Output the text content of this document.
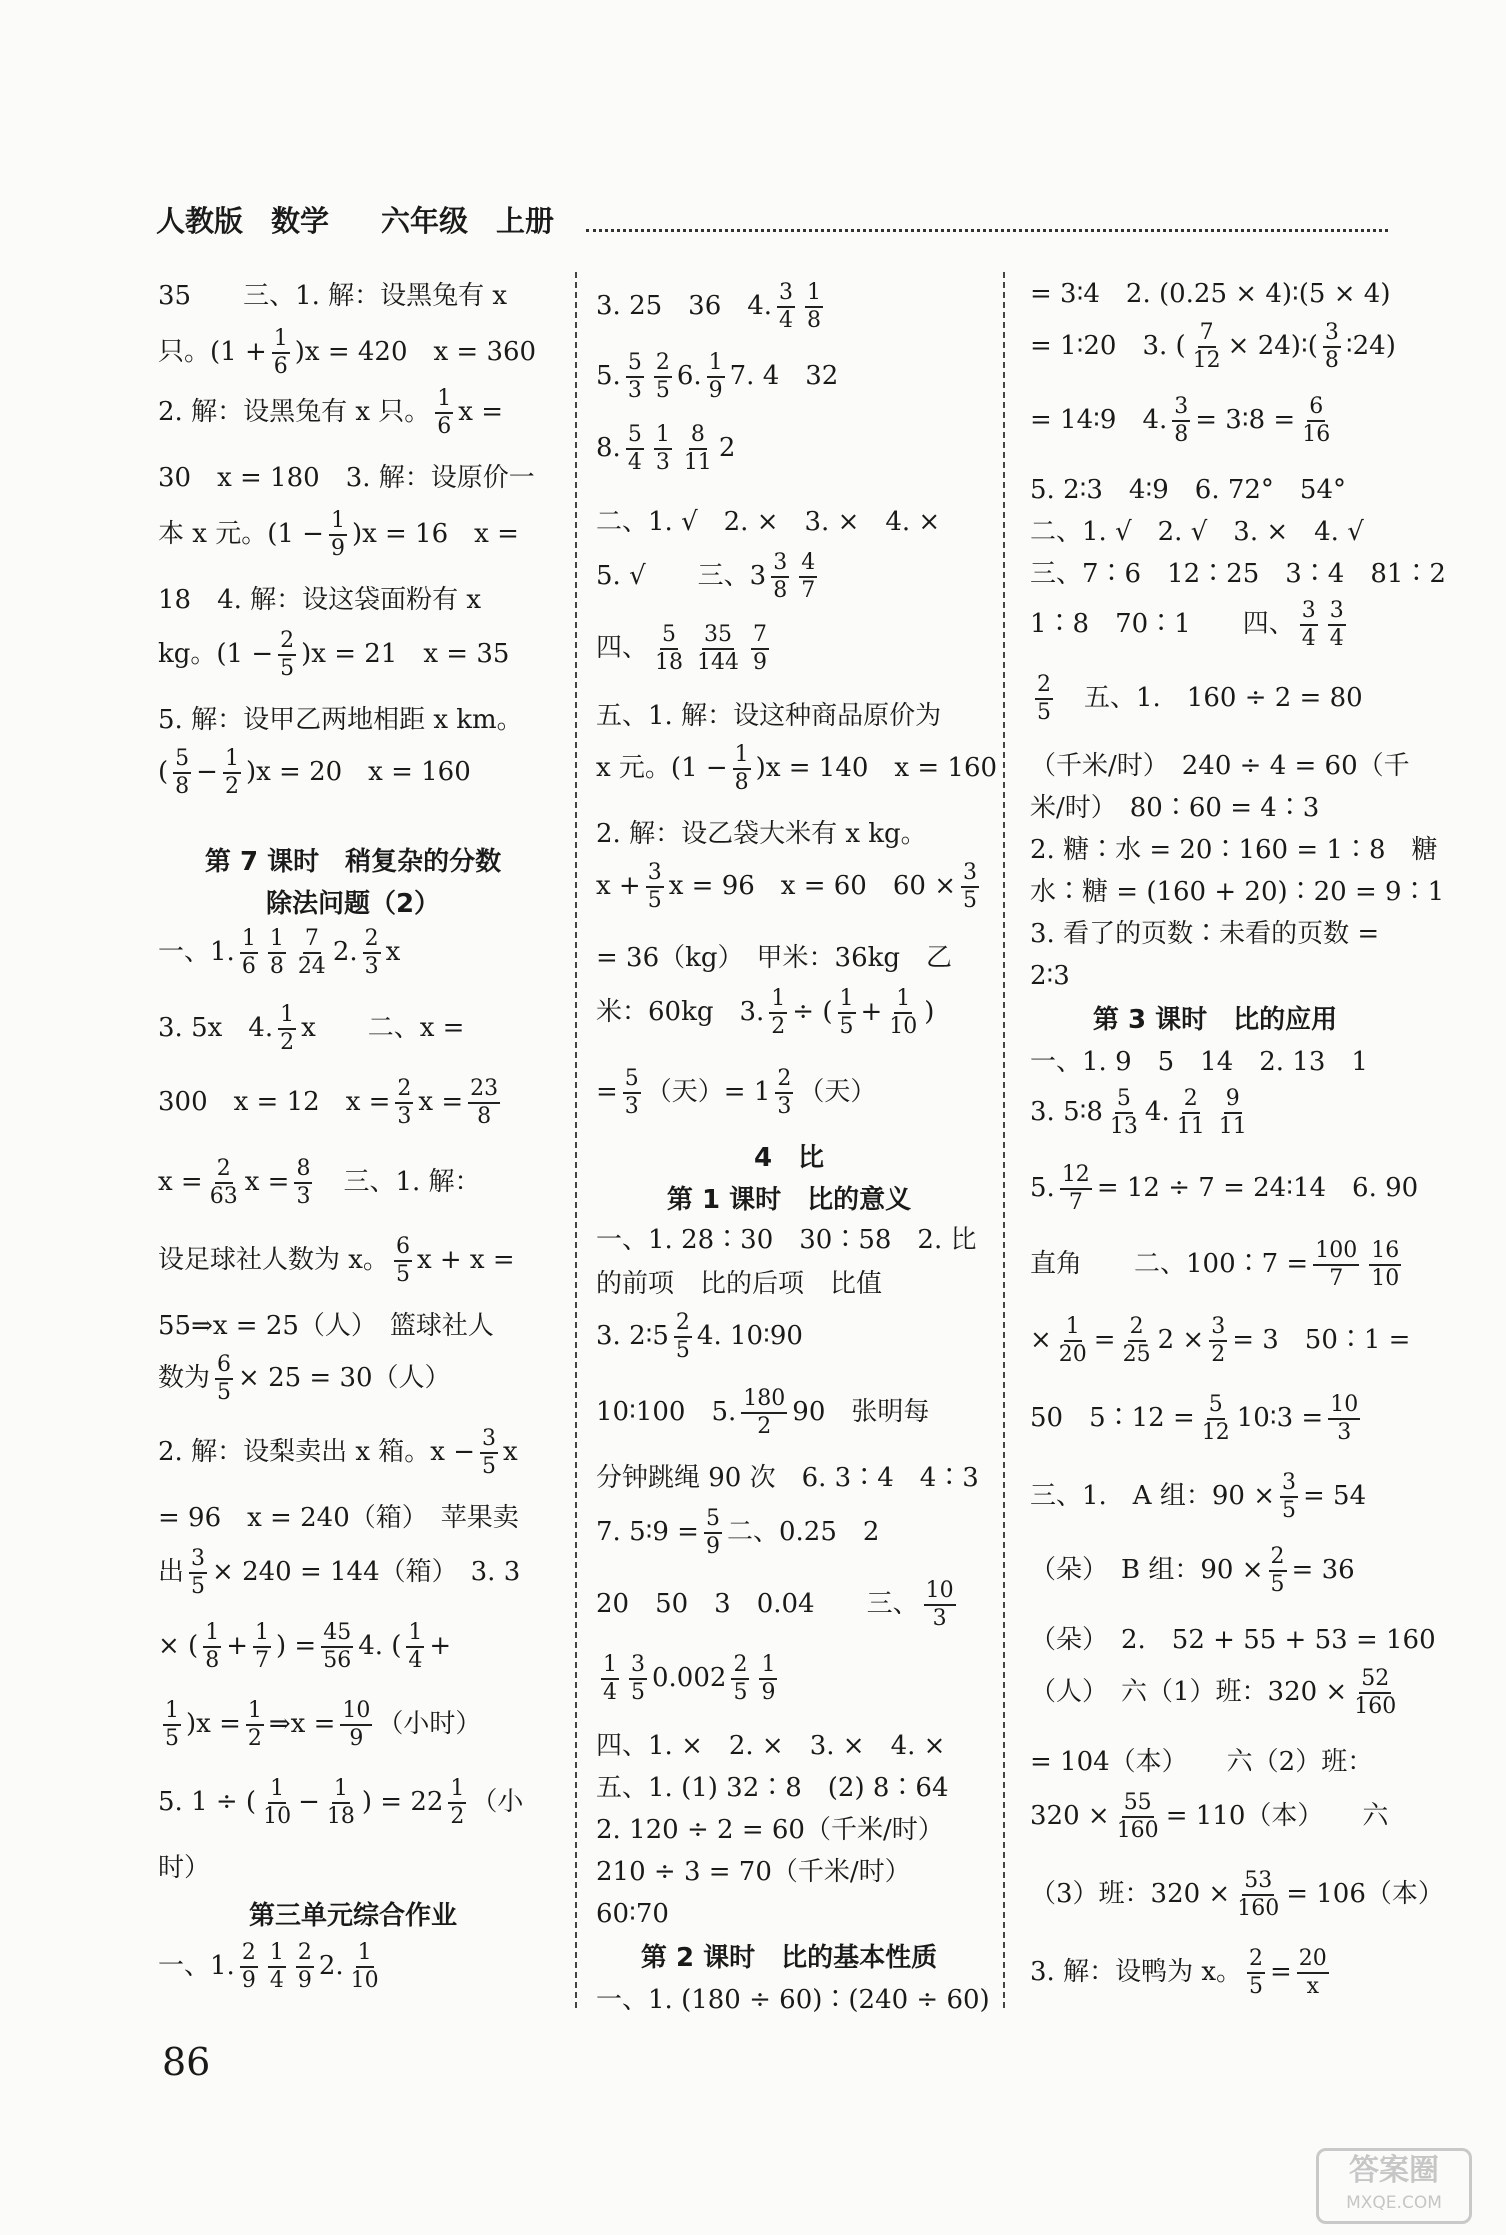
人教版 数学 六年级 上册
35　　三、1. 解：设黑兔有 x
只。$(1 + \frac{1}{6} )x = 420$　x = 360
2. 解：设黑兔有 x 只。 $\frac{1}{6}$ x =
30　x = 180　3. 解：设原价一
本 x 元。$(1 - \frac{1}{9} )x = 16$　x =
18　4. 解：设这袋面粉有 x
kg。$(1 - \frac{2}{5} )x = 21$　x = 35
5. 解：设甲乙两地相距 x km。
( $\frac{5}{8} - \frac{1}{2} )x = 20$　x = 160
第 7 课时　稍复杂的分数
除法问题（2）
一、1. $\frac{1}{6} \frac{1}{8} \frac{7}{24} 2$. $\frac{2}{3}$ x
3. 5x　4. $\frac{1}{2}$ x　　二、x =
300　x = 12　$x = \frac{2}{3}$ $x = \frac{23}{8}$
$x = \frac{2}{63}$ $x = \frac{8}{3}$ 　三、1. 解：
设足球社人数为 x。 $\frac{6}{5}$ x + x =
55⇒x = 25（人）　篮球社人
数为 $\frac{6}{5} \times 25 = 30$（人）
2. 解：设梨卖出 x 箱。$x - \frac{3}{5}$ x
= 96　x = 240（箱）　苹果卖
出 $\frac{3}{5} \times 240 = 144$（箱）　3. 3
× ( $\frac{1}{8} + \frac{1}{7}$ ) = $\frac{45}{56} 4$. ( $\frac{1}{4}$ +
$\frac{1}{5} )x = \frac{1}{2}$ ⇒x = $\frac{10}{9}$ （小时）
5. 1 ÷ ( $\frac{1}{10} - \frac{1}{18}$ ) = $22 \frac{1}{2}$ （小
时）
第三单元综合作业
一、1. $\frac{2}{9} \frac{1}{4} \frac{2}{9} 2$. $\frac{1}{10}$
3. 25　36　4. $\frac{3}{4} \frac{1}{8}$
5. $\frac{5}{3} \frac{2}{5} 6$. $\frac{1}{9} 7$. 4　32
8. $\frac{5}{4} \frac{1}{3} \frac{8}{11} 2$
二、1. √　2. ×　3. ×　4. ×
5. √　　三、$3 \frac{3}{8} \frac{4}{7}$
四、 $\frac{5}{18} \frac{35}{144} \frac{7}{9}$
五、1. 解：设这种商品原价为
x 元。$(1 - \frac{1}{8} )x = 140$　x = 160
2. 解：设乙袋大米有 x kg。
$x + \frac{3}{5}$ x = 96　x = 60　$60 \times \frac{3}{5}$
= 36（kg）　甲米：36kg　乙
米：60kg　3. $\frac{1}{2}$ ÷ ( $\frac{1}{5} + \frac{1}{10}$ )
= $\frac{5}{3}$ （天）= $1 \frac{2}{3}$ （天）
4　比
第 1 课时　比的意义
一、1. 28∶30　30∶58　2. 比
的前项　比的后项　比值
3. 2∶5 $\frac{2}{5} 4$. 10∶90
10∶100　5. $\frac{180}{2} 90$　张明每
分钟跳绳 90 次　6. 3∶4　4∶3
7. 5∶9 = $\frac{5}{9}$ 二、0.25　2
20　50　3　0.04　　三、 $\frac{10}{3}$
$\frac{1}{4} \frac{3}{5} 0.002 \frac{2}{5} \frac{1}{9}$
四、1. ×　2. ×　3. ×　4. ×
五、1. (1) 32∶8　(2) 8∶64
2. 120 ÷ 2 = 60（千米/时）
210 ÷ 3 = 70（千米/时）
60∶70
第 2 课时　比的基本性质
一、1. (180 ÷ 60)∶(240 ÷ 60)
= 3∶4　2. (0.25 × 4)∶(5 × 4)
= 1∶20　3. ( $\frac{7}{12}$ × 24)∶( $\frac{3}{8}$ ∶24)
= 14∶9　4. $\frac{3}{8}$ = 3∶8 = $\frac{6}{16}$
5. 2∶3　4∶9　6. 72°　54°
二、1. √　2. √　3. ×　4. √
三、7∶6　12∶25　3∶4　81∶2
1∶8　70∶1　　四、 $\frac{3}{4} \frac{3}{4}$
$\frac{2}{5}$ 　五、1.　160 ÷ 2 = 80
（千米/时）　240 ÷ 4 = 60（千
米/时）　80∶60 = 4∶3
2. 糖∶水 = 20∶160 = 1∶8　糖
水∶糖 = (160 + 20)∶20 = 9∶1
3. 看了的页数∶未看的页数 =
2∶3
第 3 课时　比的应用
一、1. 9　5　14　2. 13　1
3. 5∶8 $\frac{5}{13} 4$. $\frac{2}{11} \frac{9}{11}$
5. $\frac{12}{7} = 12 \div 7$ = 24∶14　6. 90
直角　　二、100∶7 = $\frac{100}{7} \frac{16}{10}$
× $\frac{1}{20} = \frac{2}{25} 2 \times \frac{3}{2} = 3$　50∶1 =
50　5∶12 = $\frac{5}{12}$ 10∶3 = $\frac{10}{3}$
三、1.　A 组：$90 \times \frac{3}{5} = 54$
（朵）　B 组：$90 \times \frac{2}{5} = 36$
（朵）　2.　52 + 55 + 53 = 160
（人）　六（1）班：$320 \times \frac{52}{160}$
= 104（本）　　六（2）班：
$320 \times \frac{55}{160} = 110$（本）　　六
（3）班：$320 \times \frac{53}{160} = 106$（本）
3. 解：设鸭为 x。 $\frac{2}{5} = \frac{20}{x}$
86
答案圈
MXQE.COM
